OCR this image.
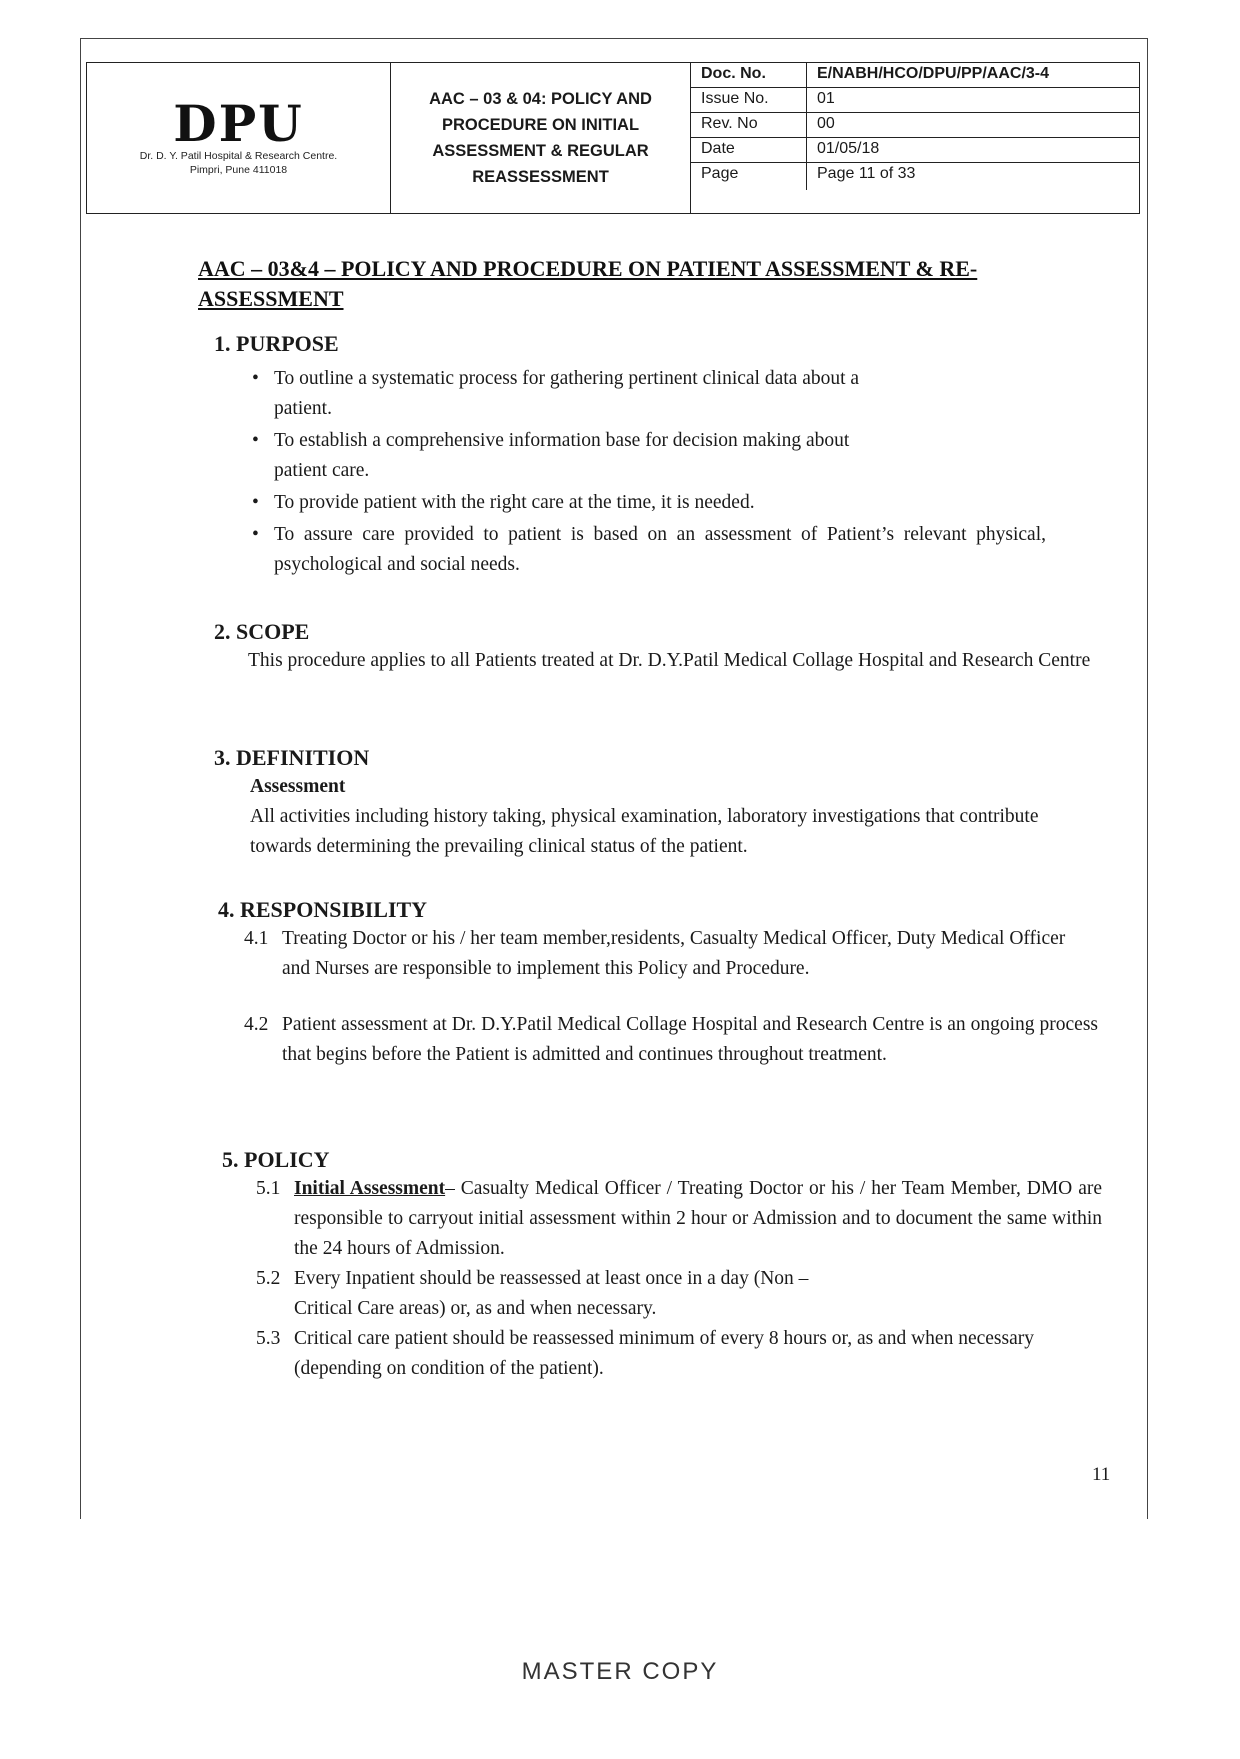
DPU
Dr. D. Y. Patil Hospital & Research Centre.
Pimpri, Pune 411018
AAC – 03 & 04: POLICY AND PROCEDURE ON INITIAL ASSESSMENT & REGULAR REASSESSMENT
Doc. No.	E/NABH/HCO/DPU/PP/AAC/3-4
Issue No.	01
Rev. No	00
Date	01/05/18
Page	Page 11 of 33
AAC – 03&4 – POLICY AND PROCEDURE ON PATIENT ASSESSMENT & RE-ASSESSMENT
1. PURPOSE
• To outline a systematic process for gathering pertinent clinical data about a patient.
• To establish a comprehensive information base for decision making about patient care.
• To provide patient with the right care at the time, it is needed.
• To assure care provided to patient is based on an assessment of Patient’s relevant physical, psychological and social needs.
2. SCOPE
This procedure applies to all Patients treated at Dr. D.Y.Patil Medical Collage Hospital and Research Centre
3. DEFINITION
Assessment
All activities including history taking, physical examination, laboratory investigations that contribute towards determining the prevailing clinical status of the patient.
4. RESPONSIBILITY
4.1 Treating Doctor or his / her team member,residents, Casualty Medical Officer, Duty Medical Officer and Nurses are responsible to implement this Policy and Procedure.
4.2 Patient assessment at Dr. D.Y.Patil Medical Collage Hospital and Research Centre is an ongoing process that begins before the Patient is admitted and continues throughout treatment.
5. POLICY
5.1 Initial Assessment– Casualty Medical Officer / Treating Doctor or his / her Team Member, DMO are responsible to carryout initial assessment within 2 hour or Admission and to document the same within the 24 hours of Admission.
5.2 Every Inpatient should be reassessed at least once in a day (Non – Critical Care areas) or, as and when necessary.
5.3 Critical care patient should be reassessed minimum of every 8 hours or, as and when necessary (depending on condition of the patient).
11
MASTER COPY
